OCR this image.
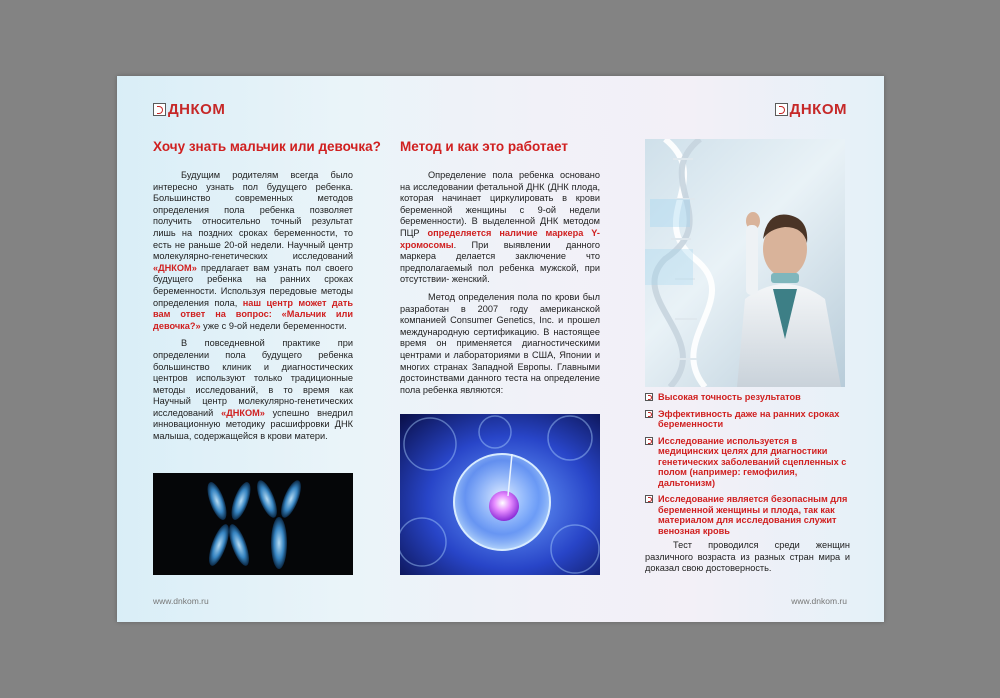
ДНКОМ	ДНКОМ
Хочу знать мальчик или девочка?

Будущим родителям всегда было интересно узнать пол будущего ребенка. Большинство современных методов определения пола ребенка позволяет получить относительно точный результат лишь на поздних сроках беременности, то есть не раньше 20-ой недели. Научный центр молекулярно-генетических исследований «ДНКОМ» предлагает вам узнать пол своего будущего ребенка на ранних сроках беременности. Используя передовые методы определения пола, наш центр может дать вам ответ на вопрос: «Мальчик или девочка?» уже с 9-ой недели беременности.

В повседневной практике при определении пола будущего ребенка большинство клиник и диагностических центров используют только традиционные методы исследований, в то время как Научный центр молекулярно-генетических исследований «ДНКОМ» успешно внедрил инновационную методику расшифровки ДНК малыша, содержащейся в крови матери.

Метод и как это работает

Определение пола ребенка основано на исследовании фетальной ДНК (ДНК плода, которая начинает циркулировать в крови беременной женщины с 9-ой недели беременности). В выделенной ДНК методом ПЦР определяется наличие маркера Y-хромосомы. При выявлении данного маркера делается заключение что предполагаемый пол ребенка мужской, при отсутствии- женский.

Метод определения пола по крови был разработан в 2007 году американской компанией Consumer Genetics, Inc. и прошел международную сертификацию. В настоящее время он применяется диагностическими центрами и лабораториями в США, Японии и многих странах Западной Европы. Главными достоинствами данного теста на определение пола ребенка являются:

Высокая точность результатов
Эффективность даже на ранних сроках беременности
Исследование используется в медицинских целях для диагностики генетических заболеваний сцепленных с полом (например: гемофилия, дальтонизм)
Исследование является безопасным для беременной женщины и плода, так как материалом для исследования служит венозная кровь

Тест проводился среди женщин различного возраста из разных стран мира и доказал свою достоверность.

www.dnkom.ru	www.dnkom.ru
